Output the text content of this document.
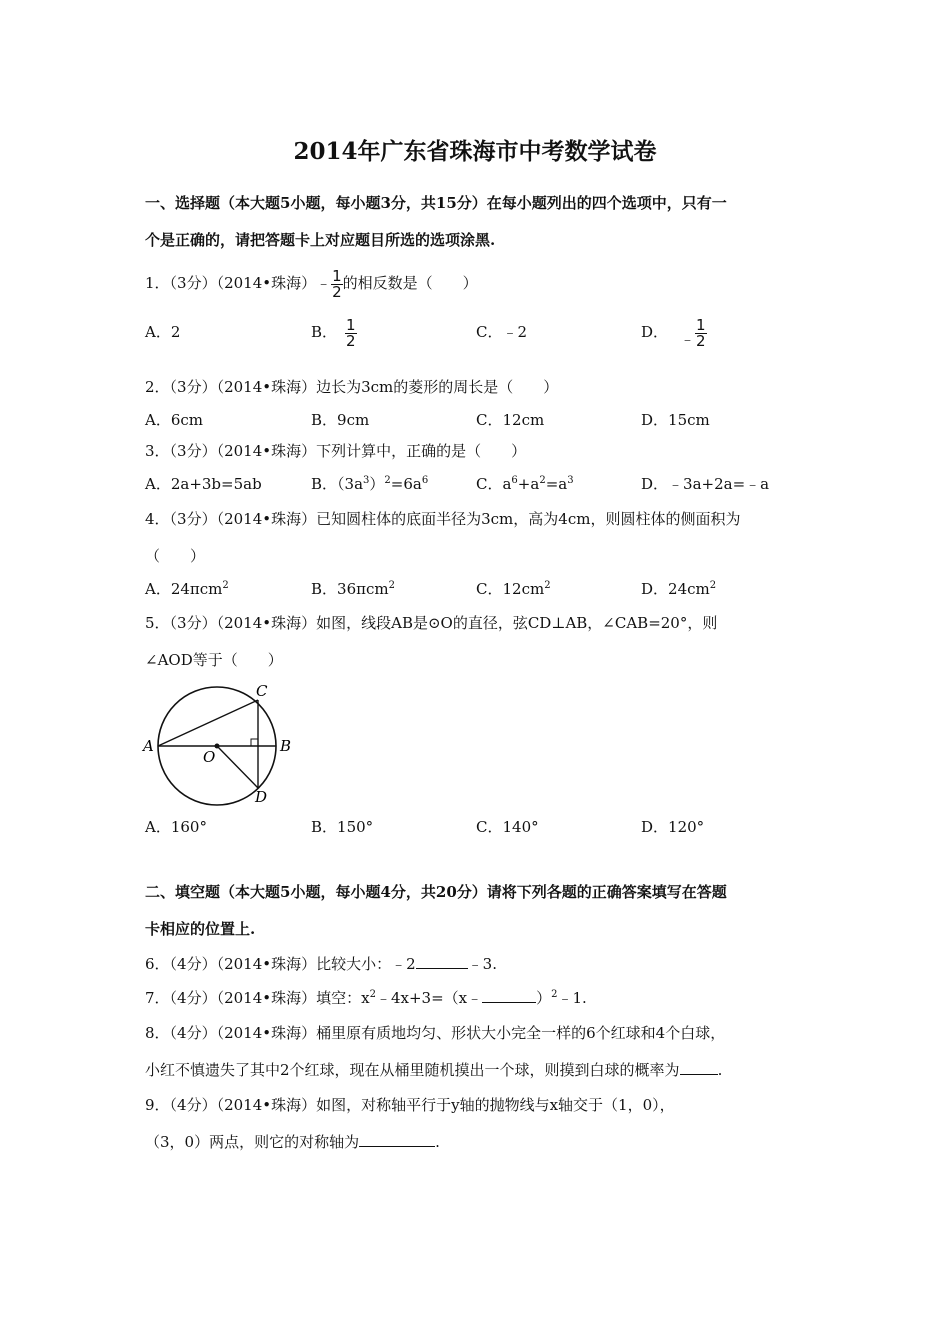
2014年广东省珠海市中考数学试卷
一、选择题（本大题5小题，每小题3分，共15分）在每小题列出的四个选项中，只有一
个是正确的，请把答题卡上对应题目所选的选项涂黑.
1．（3分）（2014•珠海）﹣ $\frac{1}{2}$ 的相反数是（　　）
A．2	B． $\frac{1}{2}$	C．﹣2	D． ﹣ $\frac{1}{2}$
2．（3分）（2014•珠海）边长为3cm的菱形的周长是（　　）
A．6cm	B．9cm	C．12cm	D．15cm
3．（3分）（2014•珠海）下列计算中，正确的是（　　）
A．2a+3b=5ab	B．$(3a^3)^2=6a^6$	C．$a^6+a^2=a^3$	D．﹣3a+2a=﹣a
4．（3分）（2014•珠海）已知圆柱体的底面半径为3cm，高为4cm，则圆柱体的侧面积为
（　　）
A．24πcm$^2$	B．36πcm$^2$	C．$12cm^2$	D．$24cm^2$
5．（3分）（2014•珠海）如图，线段AB是⊙O的直径，弦CD⊥AB，∠CAB=20°，则
∠AOD等于（　　）
A	B
C
D
O
A．160°	B．150°	C．140°	D．120°
二、填空题（本大题5小题，每小题4分，共20分）请将下列各题的正确答案填写在答题
卡相应的位置上.
6．（4分）（2014•珠海）比较大小：﹣2	﹣3.
7．（4分）（2014•珠海）填空：$x^2﹣4x+3=(x﹣$	）$^2$﹣1.
8．（4分）（2014•珠海）桶里原有质地均匀、形状大小完全一样的6个红球和4个白球，
小红不慎遗失了其中2个红球，现在从桶里随机摸出一个球，则摸到白球的概率为	.
9．（4分）（2014•珠海）如图，对称轴平行于y轴的抛物线与x轴交于（1，0），
（3，0）两点，则它的对称轴为	.
